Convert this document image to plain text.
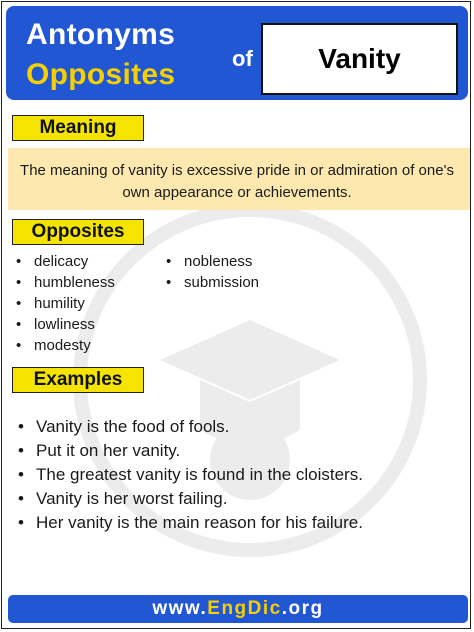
Antonyms
Opposites	of Vanity
Meaning
The meaning of vanity is excessive pride in or admiration of one's own appearance or achievements.
Opposites
• delicacy
• humbleness
• humility
• lowliness
• modesty
• nobleness
• submission
Examples
• Vanity is the food of fools.
• Put it on her vanity.
• The greatest vanity is found in the cloisters.
• Vanity is her worst failing.
• Her vanity is the main reason for his failure.
www.EngDic.org
